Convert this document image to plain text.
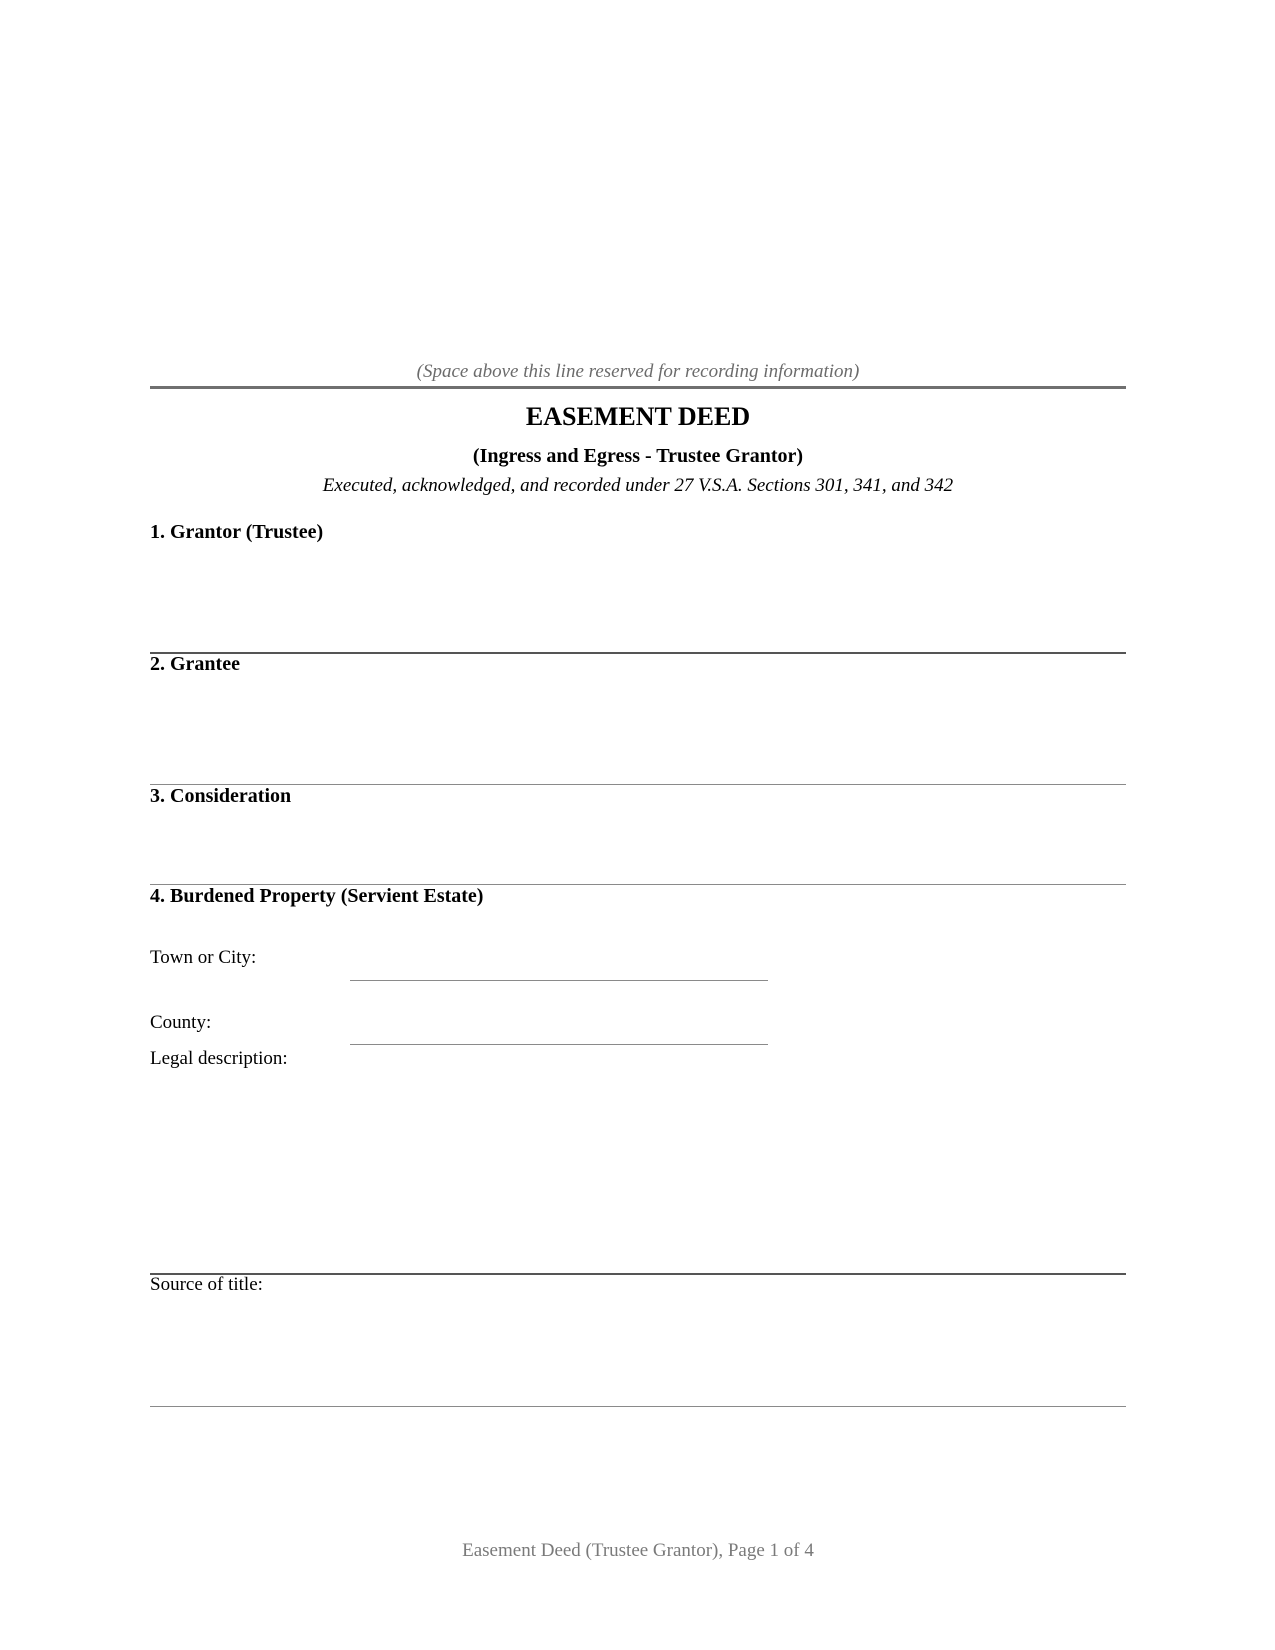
(Space above this line reserved for recording information)
EASEMENT DEED
(Ingress and Egress - Trustee Grantor)
Executed, acknowledged, and recorded under 27 V.S.A. Sections 301, 341, and 342
1. Grantor (Trustee)
2. Grantee
3. Consideration
4. Burdened Property (Servient Estate)
Town or City:
County:
Legal description:
Source of title:
Easement Deed (Trustee Grantor), Page 1 of 4
